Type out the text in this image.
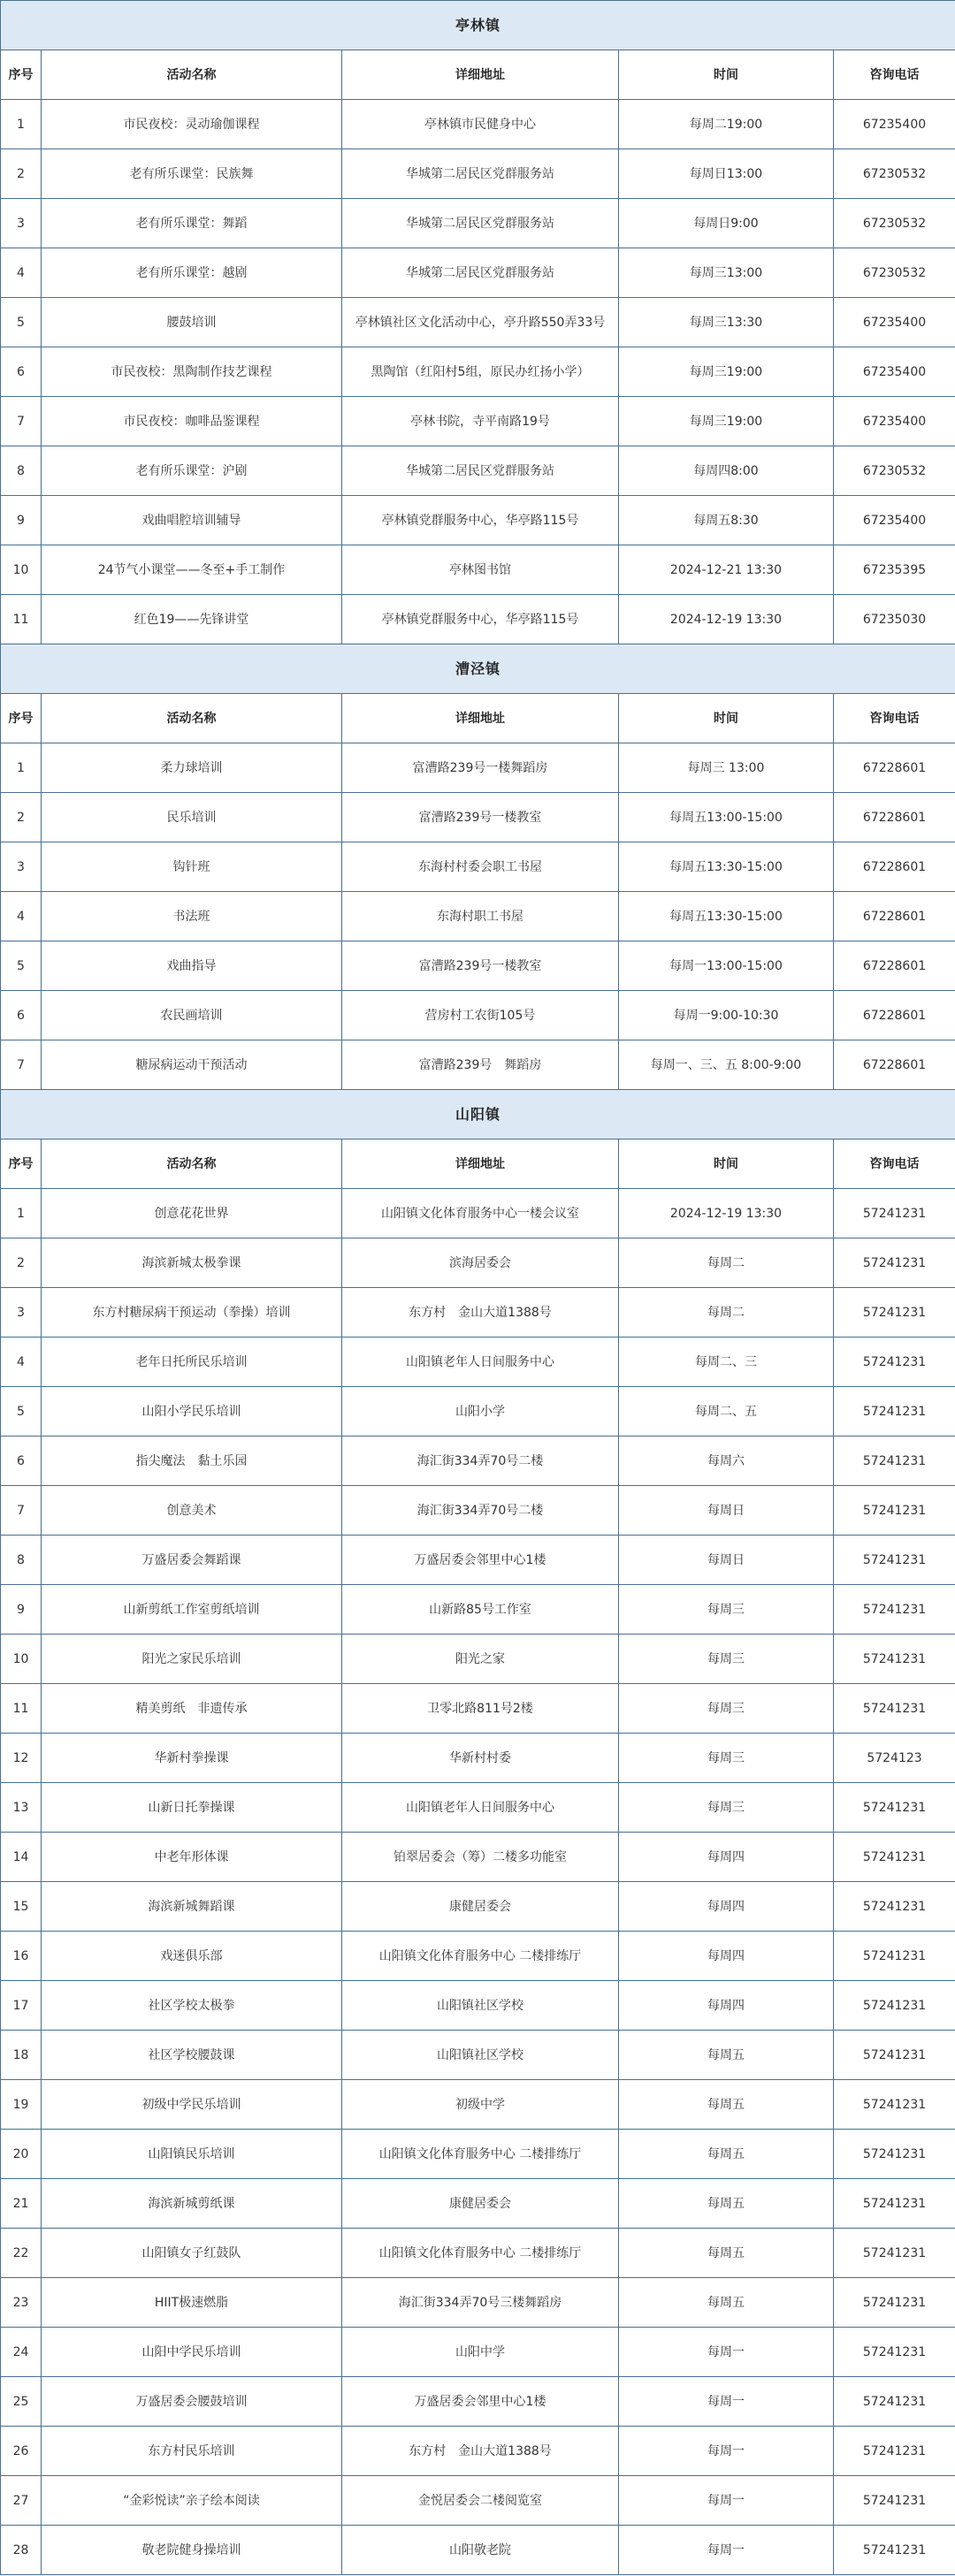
亭林镇				
序号	活动名称	详细地址	时间	咨询电话
1	市民夜校：灵动瑜伽课程	亭林镇市民健身中心	每周二19:00	67235400
2	老有所乐课堂：民族舞	华城第二居民区党群服务站	每周日13:00	67230532
3	老有所乐课堂：舞蹈	华城第二居民区党群服务站	每周日9:00	67230532
4	老有所乐课堂：越剧	华城第二居民区党群服务站	每周三13:00	67230532
5	腰鼓培训	亭林镇社区文化活动中心，亭升路550弄33号	每周三13:30	67235400
6	市民夜校：黑陶制作技艺课程	黑陶馆（红阳村5组，原民办红扬小学）	每周三19:00	67235400
7	市民夜校：咖啡品鉴课程	亭林书院，寺平南路19号	每周三19:00	67235400
8	老有所乐课堂：沪剧	华城第二居民区党群服务站	每周四8:00	67230532
9	戏曲唱腔培训辅导	亭林镇党群服务中心，华亭路115号	每周五8:30	67235400
10	24节气小课堂——冬至+手工制作	亭林图书馆	2024-12-21 13:30	67235395
11	红色19——先锋讲堂	亭林镇党群服务中心，华亭路115号	2024-12-19 13:30	67235030
漕泾镇				
序号	活动名称	详细地址	时间	咨询电话
1	柔力球培训	富漕路239号一楼舞蹈房	每周三 13:00	67228601
2	民乐培训	富漕路239号一楼教室	每周五13:00-15:00	67228601
3	钩针班	东海村村委会职工书屋	每周五13:30-15:00	67228601
4	书法班	东海村职工书屋	每周五13:30-15:00	67228601
5	戏曲指导	富漕路239号一楼教室	每周一13:00-15:00	67228601
6	农民画培训	营房村工农街105号	每周一9:00-10:30	67228601
7	糖尿病运动干预活动	富漕路239号　舞蹈房	每周一、三、五 8:00-9:00	67228601
山阳镇				
序号	活动名称	详细地址	时间	咨询电话
1	创意花花世界	山阳镇文化体育服务中心一楼会议室	2024-12-19 13:30	57241231
2	海滨新城太极拳课	滨海居委会	每周二	57241231
3	东方村糖尿病干预运动（拳操）培训	东方村　金山大道1388号	每周二	57241231
4	老年日托所民乐培训	山阳镇老年人日间服务中心	每周二、三	57241231
5	山阳小学民乐培训	山阳小学	每周二、五	57241231
6	指尖魔法　黏土乐园	海汇街334弄70号二楼	每周六	57241231
7	创意美术	海汇街334弄70号二楼	每周日	57241231
8	万盛居委会舞蹈课	万盛居委会邻里中心1楼	每周日	57241231
9	山新剪纸工作室剪纸培训	山新路85号工作室	每周三	57241231
10	阳光之家民乐培训	阳光之家	每周三	57241231
11	精美剪纸　非遗传承	卫零北路811号2楼	每周三	57241231
12	华新村拳操课	华新村村委	每周三	5724123
13	山新日托拳操课	山阳镇老年人日间服务中心	每周三	57241231
14	中老年形体课	铂翠居委会（筹）二楼多功能室	每周四	57241231
15	海滨新城舞蹈课	康健居委会	每周四	57241231
16	戏迷俱乐部	山阳镇文化体育服务中心 二楼排练厅	每周四	57241231
17	社区学校太极拳	山阳镇社区学校	每周四	57241231
18	社区学校腰鼓课	山阳镇社区学校	每周五	57241231
19	初级中学民乐培训	初级中学	每周五	57241231
20	山阳镇民乐培训	山阳镇文化体育服务中心 二楼排练厅	每周五	57241231
21	海滨新城剪纸课	康健居委会	每周五	57241231
22	山阳镇女子红鼓队	山阳镇文化体育服务中心 二楼排练厅	每周五	57241231
23	HIIT极速燃脂	海汇街334弄70号三楼舞蹈房	每周五	57241231
24	山阳中学民乐培训	山阳中学	每周一	57241231
25	万盛居委会腰鼓培训	万盛居委会邻里中心1楼	每周一	57241231
26	东方村民乐培训	东方村　金山大道1388号	每周一	57241231
27	“金彩悦读”亲子绘本阅读	金悦居委会二楼阅览室	每周一	57241231
28	敬老院健身操培训	山阳敬老院	每周一	57241231
